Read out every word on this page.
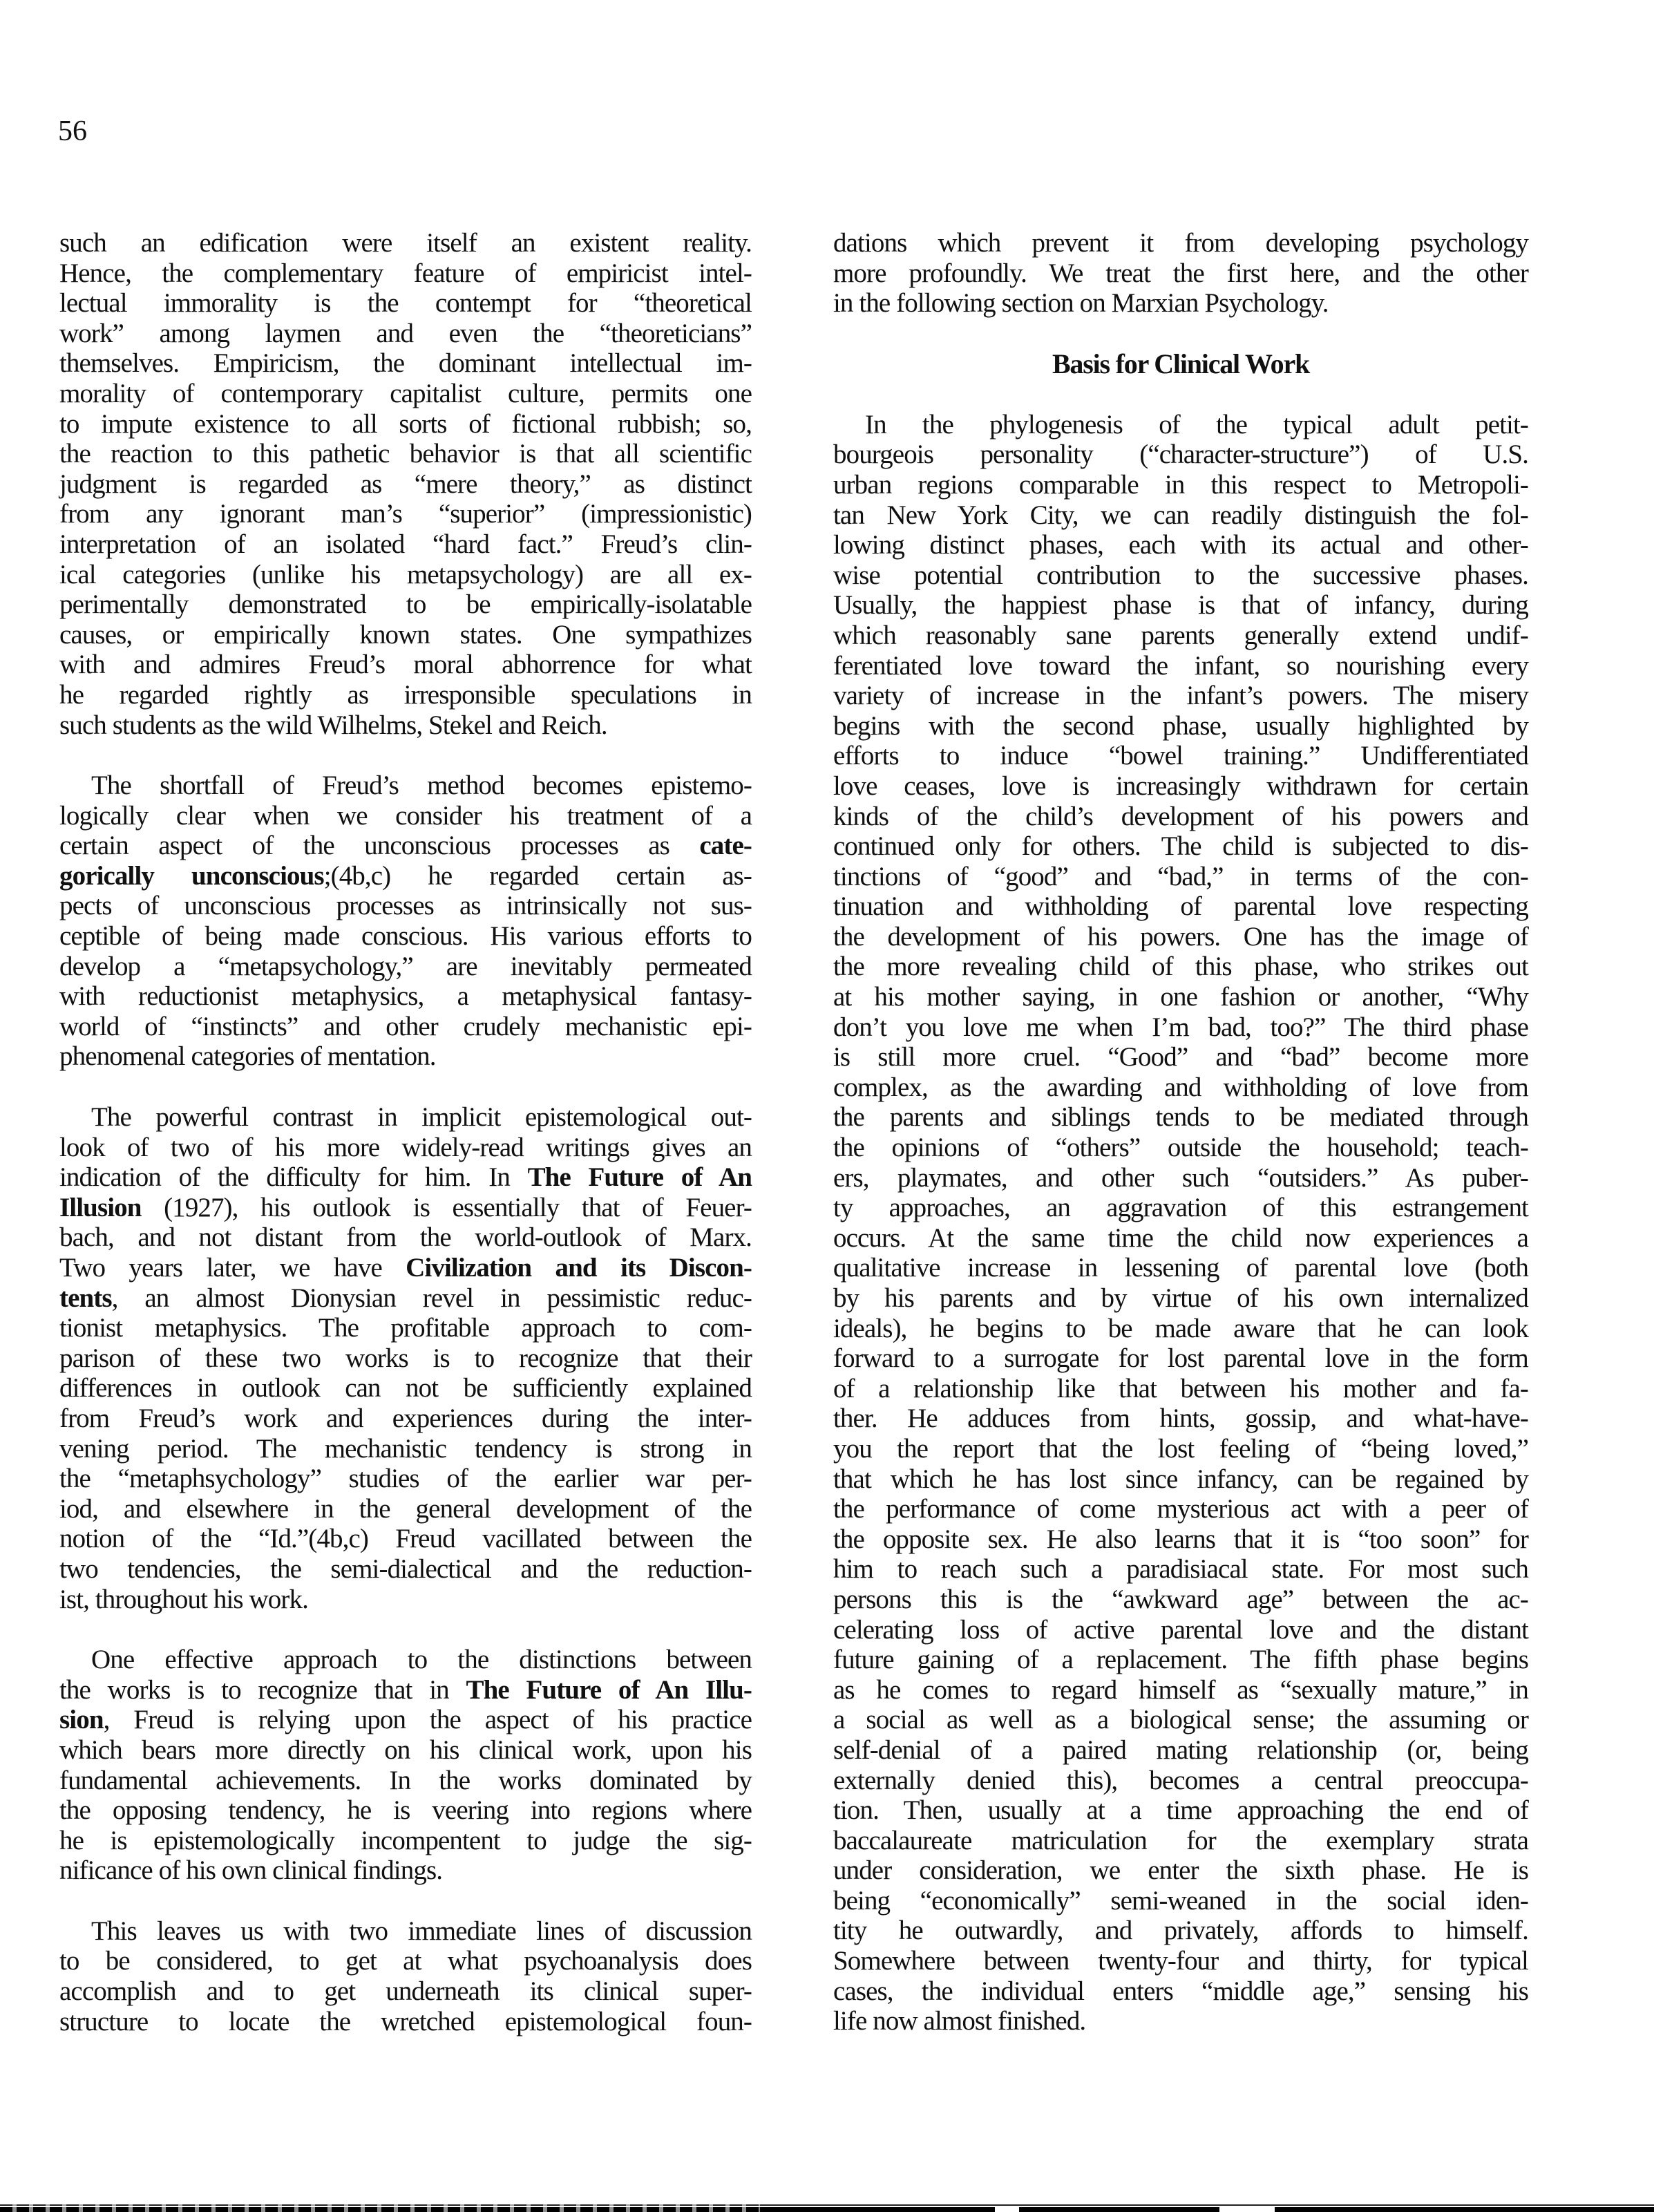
56

such an edification were itself an existent reality.
Hence, the complementary feature of empiricist intel-
lectual immorality is the contempt for “theoretical
work” among laymen and even the “theoreticians”
themselves. Empiricism, the dominant intellectual im-
morality of contemporary capitalist culture, permits one
to impute existence to all sorts of fictional rubbish; so,
the reaction to this pathetic behavior is that all scientific
judgment is regarded as “mere theory,” as distinct
from any ignorant man’s “superior” (impressionistic)
interpretation of an isolated “hard fact.” Freud’s clin-
ical categories (unlike his metapsychology) are all ex-
perimentally demonstrated to be empirically-isolatable
causes, or empirically known states. One sympathizes
with and admires Freud’s moral abhorrence for what
he regarded rightly as irresponsible speculations in
such students as the wild Wilhelms, Stekel and Reich.

The shortfall of Freud’s method becomes epistemo-
logically clear when we consider his treatment of a
certain aspect of the unconscious processes as cate-
gorically unconscious;(4b,c) he regarded certain as-
pects of unconscious processes as intrinsically not sus-
ceptible of being made conscious. His various efforts to
develop a “metapsychology,” are inevitably permeated
with reductionist metaphysics, a metaphysical fantasy-
world of “instincts” and other crudely mechanistic epi-
phenomenal categories of mentation.

The powerful contrast in implicit epistemological out-
look of two of his more widely-read writings gives an
indication of the difficulty for him. In The Future of An
Illusion (1927), his outlook is essentially that of Feuer-
bach, and not distant from the world-outlook of Marx.
Two years later, we have Civilization and its Discon-
tents, an almost Dionysian revel in pessimistic reduc-
tionist metaphysics. The profitable approach to com-
parison of these two works is to recognize that their
differences in outlook can not be sufficiently explained
from Freud’s work and experiences during the inter-
vening period. The mechanistic tendency is strong in
the “metaphsychology” studies of the earlier war per-
iod, and elsewhere in the general development of the
notion of the “Id.”(4b,c) Freud vacillated between the
two tendencies, the semi-dialectical and the reduction-
ist, throughout his work.

One effective approach to the distinctions between
the works is to recognize that in The Future of An Illu-
sion, Freud is relying upon the aspect of his practice
which bears more directly on his clinical work, upon his
fundamental achievements. In the works dominated by
the opposing tendency, he is veering into regions where
he is epistemologically incompentent to judge the sig-
nificance of his own clinical findings.

This leaves us with two immediate lines of discussion
to be considered, to get at what psychoanalysis does
accomplish and to get underneath its clinical super-
structure to locate the wretched epistemological foun-

dations which prevent it from developing psychology
more profoundly. We treat the first here, and the other
in the following section on Marxian Psychology.

Basis for Clinical Work

In the phylogenesis of the typical adult petit-
bourgeois personality (“character-structure”) of U.S.
urban regions comparable in this respect to Metropoli-
tan New York City, we can readily distinguish the fol-
lowing distinct phases, each with its actual and other-
wise potential contribution to the successive phases.
Usually, the happiest phase is that of infancy, during
which reasonably sane parents generally extend undif-
ferentiated love toward the infant, so nourishing every
variety of increase in the infant’s powers. The misery
begins with the second phase, usually highlighted by
efforts to induce “bowel training.” Undifferentiated
love ceases, love is increasingly withdrawn for certain
kinds of the child’s development of his powers and
continued only for others. The child is subjected to dis-
tinctions of “good” and “bad,” in terms of the con-
tinuation and withholding of parental love respecting
the development of his powers. One has the image of
the more revealing child of this phase, who strikes out
at his mother saying, in one fashion or another, “Why
don’t you love me when I’m bad, too?” The third phase
is still more cruel. “Good” and “bad” become more
complex, as the awarding and withholding of love from
the parents and siblings tends to be mediated through
the opinions of “others” outside the household; teach-
ers, playmates, and other such “outsiders.” As puber-
ty approaches, an aggravation of this estrangement
occurs. At the same time the child now experiences a
qualitative increase in lessening of parental love (both
by his parents and by virtue of his own internalized
ideals), he begins to be made aware that he can look
forward to a surrogate for lost parental love in the form
of a relationship like that between his mother and fa-
ther. He adduces from hints, gossip, and what-have-
you the report that the lost feeling of “being loved,”
that which he has lost since infancy, can be regained by
the performance of come mysterious act with a peer of
the opposite sex. He also learns that it is “too soon” for
him to reach such a paradisiacal state. For most such
persons this is the “awkward age” between the ac-
celerating loss of active parental love and the distant
future gaining of a replacement. The fifth phase begins
as he comes to regard himself as “sexually mature,” in
a social as well as a biological sense; the assuming or
self-denial of a paired mating relationship (or, being
externally denied this), becomes a central preoccupa-
tion. Then, usually at a time approaching the end of
baccalaureate matriculation for the exemplary strata
under consideration, we enter the sixth phase. He is
being “economically” semi-weaned in the social iden-
tity he outwardly, and privately, affords to himself.
Somewhere between twenty-four and thirty, for typical
cases, the individual enters “middle age,” sensing his
life now almost finished.
